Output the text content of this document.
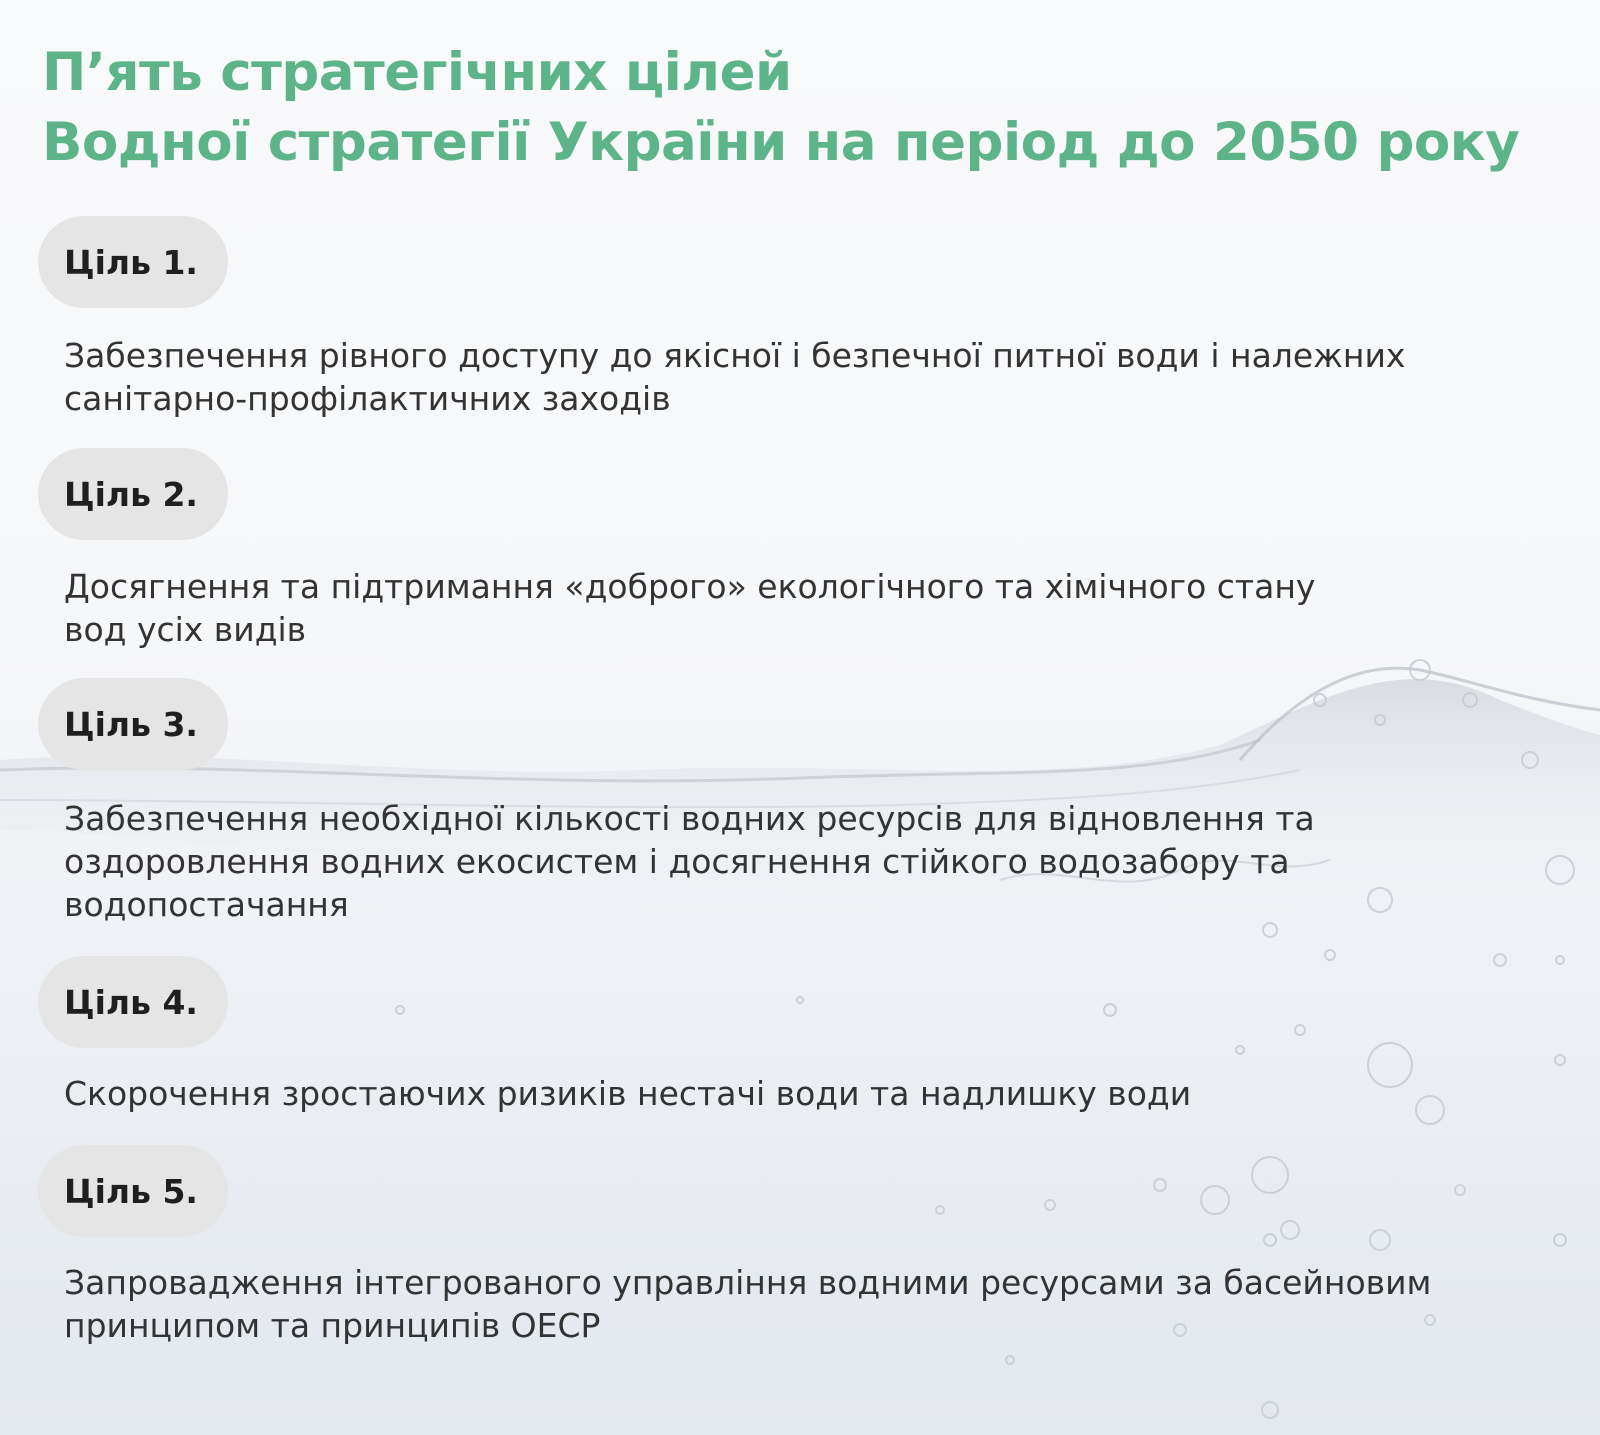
П’ять стратегічних цілей
Водної стратегії України на період до 2050 року
Ціль 1.

Забезпечення рівного доступу до якісної і безпечної питної води і належних
санітарно-профілактичних заходів

Ціль 2.

Досягнення та підтримання «доброго» екологічного та хімічного стану
вод усіх видів

Ціль 3.

Забезпечення необхідної кількості водних ресурсів для відновлення та
оздоровлення водних екосистем і досягнення стійкого водозабору та
водопостачання

Ціль 4.

Скорочення зростаючих ризиків нестачі води та надлишку води

Ціль 5.

Запровадження інтегрованого управління водними ресурсами за басейновим
принципом та принципів ОЕСР
